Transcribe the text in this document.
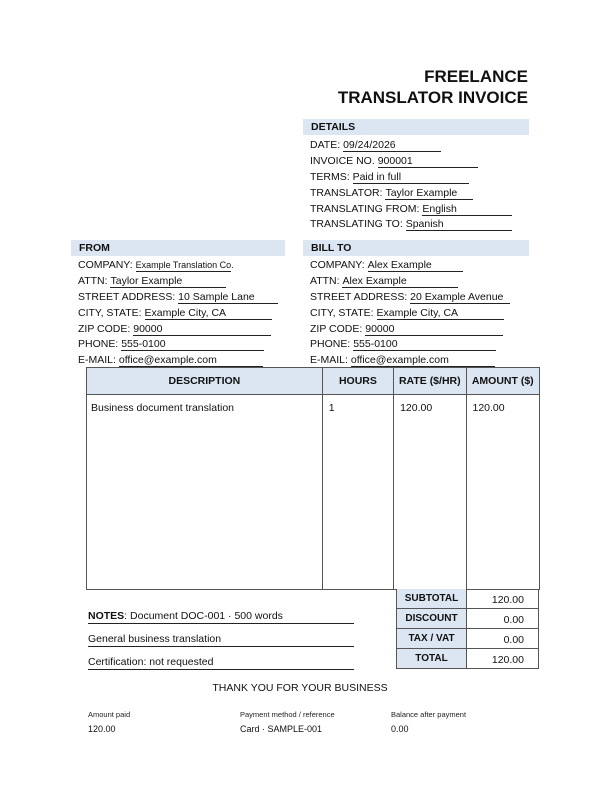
FREELANCE
TRANSLATOR INVOICE
DETAILS
DATE: 09/24/2026
INVOICE NO. 900001
TERMS: Paid in full
TRANSLATOR: Taylor Example
TRANSLATING FROM: English
TRANSLATING TO: Spanish
FROM
COMPANY: Example Translation Co.
ATTN: Taylor Example
STREET ADDRESS: 10 Sample Lane
CITY, STATE: Example City, CA
ZIP CODE: 90000
PHONE: 555-0100
E-MAIL: office@example.com
BILL TO
COMPANY: Alex Example
ATTN: Alex Example
STREET ADDRESS: 20 Example Avenue
CITY, STATE: Example City, CA
ZIP CODE: 90000
PHONE: 555-0100
E-MAIL: office@example.com
DESCRIPTION	HOURS	RATE ($/HR)	AMOUNT ($)
Business document translation	1	120.00	120.00
SUBTOTAL	120.00
DISCOUNT	0.00
TAX / VAT	0.00
TOTAL	120.00
NOTES: Document DOC-001 · 500 words
General business translation
Certification: not requested
THANK YOU FOR YOUR BUSINESS
Amount paid
120.00
Payment method / reference
Card · SAMPLE-001
Balance after payment
0.00
